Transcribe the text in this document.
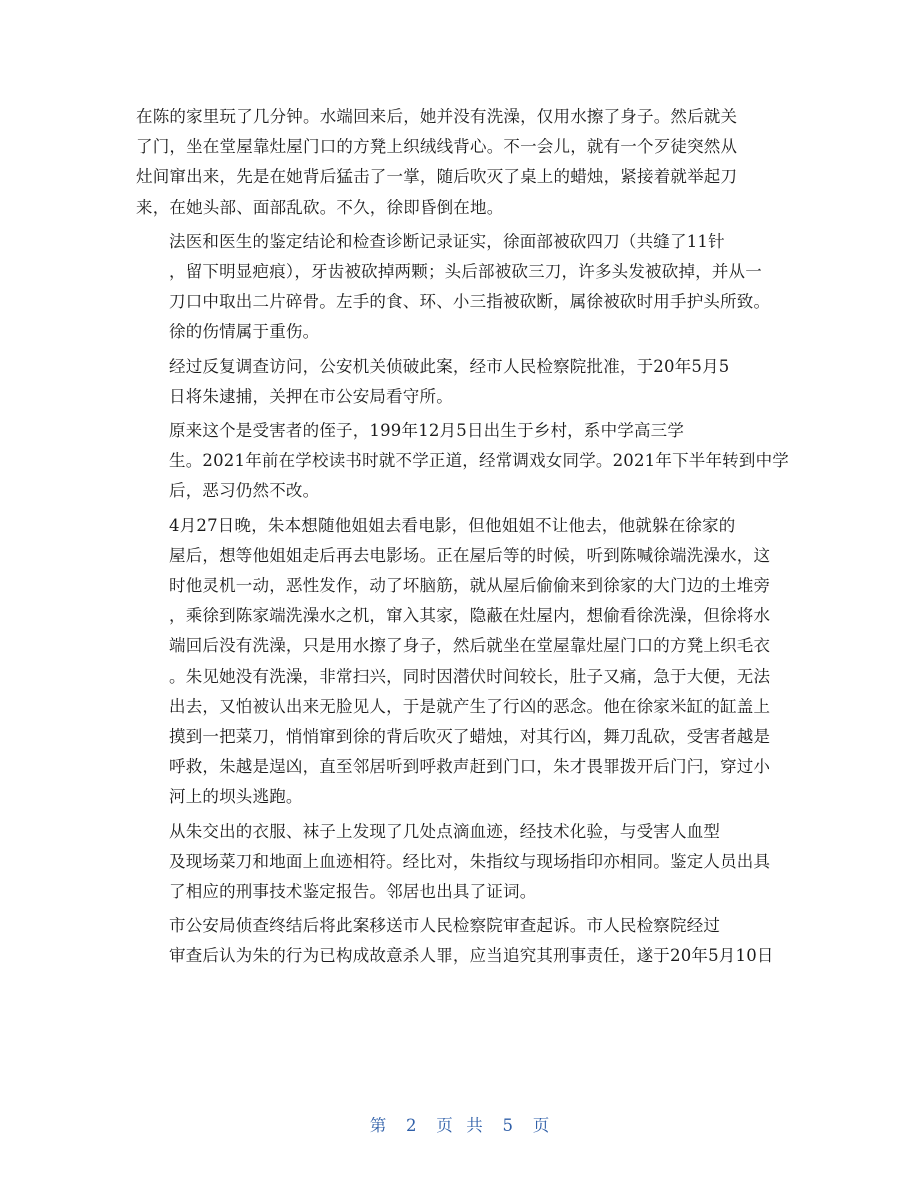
在陈的家里玩了几分钟。水端回来后，她并没有洗澡，仅用水擦了身子。然后就关
了门，坐在堂屋靠灶屋门口的方凳上织绒线背心。不一会儿，就有一个歹徒突然从
灶间窜出来，先是在她背后猛击了一掌，随后吹灭了桌上的蜡烛，紧接着就举起刀
来，在她头部、面部乱砍。不久，徐即昏倒在地。

法医和医生的鉴定结论和检查诊断记录证实，徐面部被砍四刀（共缝了11针
，留下明显疤痕），牙齿被砍掉两颗；头后部被砍三刀，许多头发被砍掉，并从一
刀口中取出二片碎骨。左手的食、环、小三指被砍断，属徐被砍时用手护头所致。
徐的伤情属于重伤。

经过反复调查访问，公安机关侦破此案，经市人民检察院批准，于20年5月5
日将朱逮捕，关押在市公安局看守所。

原来这个是受害者的侄子，199年12月5日出生于乡村，系中学高三学
生。2021年前在学校读书时就不学正道，经常调戏女同学。2021年下半年转到中学
后，恶习仍然不改。

4月27日晚，朱本想随他姐姐去看电影，但他姐姐不让他去，他就躲在徐家的
屋后，想等他姐姐走后再去电影场。正在屋后等的时候，听到陈喊徐端洗澡水，这
时他灵机一动，恶性发作，动了坏脑筋，就从屋后偷偷来到徐家的大门边的土堆旁
，乘徐到陈家端洗澡水之机，窜入其家，隐蔽在灶屋内，想偷看徐洗澡，但徐将水
端回后没有洗澡，只是用水擦了身子，然后就坐在堂屋靠灶屋门口的方凳上织毛衣
。朱见她没有洗澡，非常扫兴，同时因潜伏时间较长，肚子又痛，急于大便，无法
出去，又怕被认出来无脸见人，于是就产生了行凶的恶念。他在徐家米缸的缸盖上
摸到一把菜刀，悄悄窜到徐的背后吹灭了蜡烛，对其行凶，舞刀乱砍，受害者越是
呼救，朱越是逞凶，直至邻居听到呼救声赶到门口，朱才畏罪拨开后门闩，穿过小
河上的坝头逃跑。

从朱交出的衣服、袜子上发现了几处点滴血迹，经技术化验，与受害人血型
及现场菜刀和地面上血迹相符。经比对，朱指纹与现场指印亦相同。鉴定人员出具
了相应的刑事技术鉴定报告。邻居也出具了证词。

市公安局侦查终结后将此案移送市人民检察院审查起诉。市人民检察院经过
审查后认为朱的行为已构成故意杀人罪，应当追究其刑事责任，遂于20年5月10日

第 2 页  共 5 页
